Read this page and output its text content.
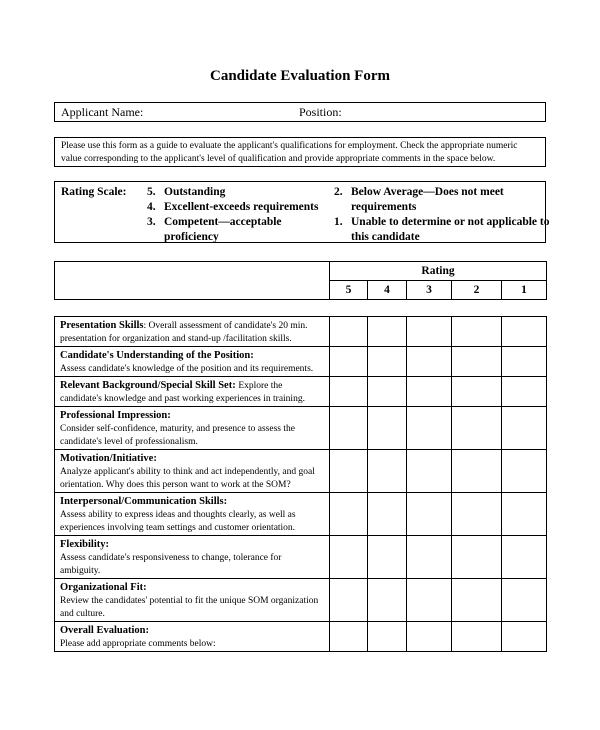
Candidate Evaluation Form
Applicant Name:	Position:
Please use this form as a guide to evaluate the applicant's qualifications for employment. Check the appropriate numeric value corresponding to the applicant's level of qualification and provide appropriate comments in the space below.
Rating Scale: 5. Outstanding
4. Excellent-exceeds requirements
3. Competent—acceptable
proficiency
2. Below Average—Does not meet
requirements
1. Unable to determine or not applicable to
this candidate
	Rating				
	5	4	3	2	1
Presentation Skills: Overall assessment of candidate's 20 min.
presentation for organization and stand-up /facilitation skills.					
Candidate's Understanding of the Position:
Assess candidate's knowledge of the position and its requirements.					
Relevant Background/Special Skill Set: Explore the
candidate's knowledge and past working experiences in training.					
Professional Impression:
Consider self-confidence, maturity, and presence to assess the
candidate's level of professionalism.					
Motivation/Initiative:
Analyze applicant's ability to think and act independently, and goal
orientation. Why does this person want to work at the SOM?					
Interpersonal/Communication Skills:
Assess ability to express ideas and thoughts clearly, as well as
experiences involving team settings and customer orientation.					
Flexibility:
Assess candidate's responsiveness to change, tolerance for
ambiguity.					
Organizational Fit:
Review the candidates' potential to fit the unique SOM organization
and culture.					
Overall Evaluation:
Please add appropriate comments below:					
